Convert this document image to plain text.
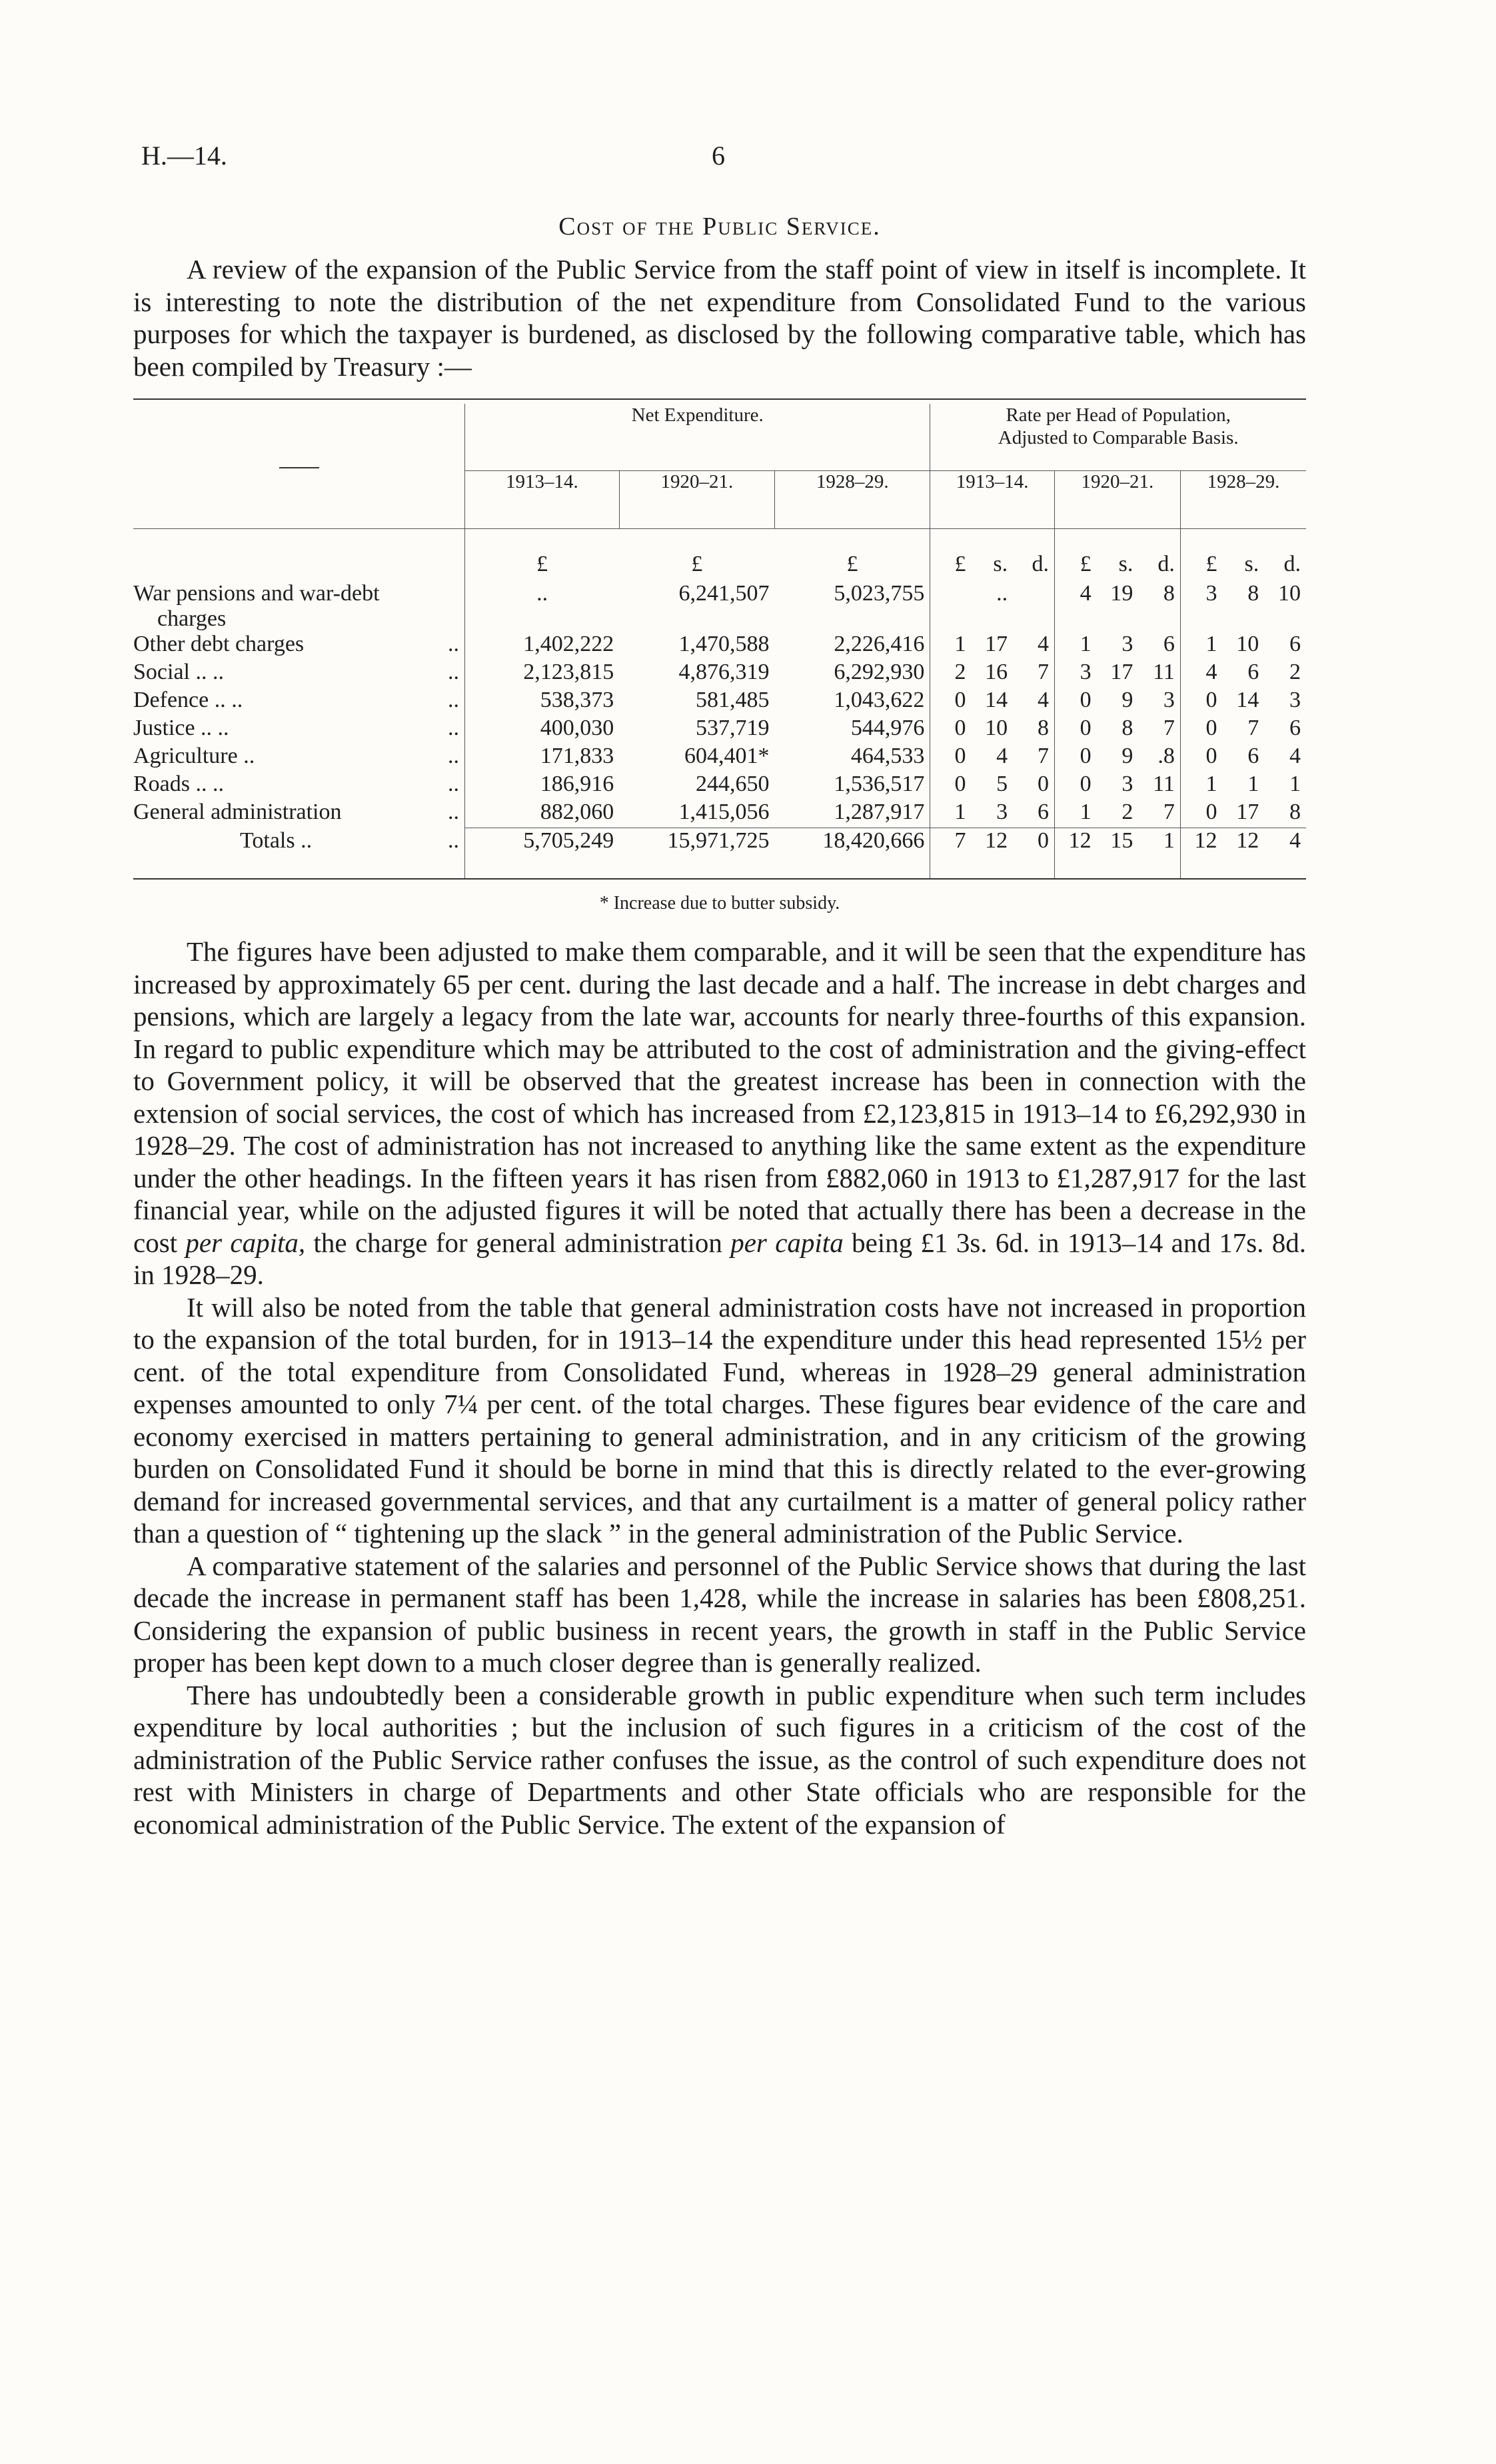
H.—14.	6
Cost of the Public Service.

A review of the expansion of the Public Service from the staff point of view in itself is incomplete. It is interesting to note the distribution of the net expenditure from Consolidated Fund to the various purposes for which the taxpayer is burdened, as disclosed by the following comparative table, which has been compiled by Treasury :—

		Net Expenditure.			Rate per Head of Population,
Adjusted to Comparable Basis.								
		1913–14.	1920–21.	1928–29.	1913–14.			1920–21.			1928–29.		

		£	£	£	£	s.	d.	£	s.	d.	£	s.	d.
War pensions and war-debt
charges		..	6,241,507	5,023,755		..		4	19	8	3	8	10
Other debt charges	..	1,402,222	1,470,588	2,226,416	1	17	4	1	3	6	1	10	6
Social .. ..	..	2,123,815	4,876,319	6,292,930	2	16	7	3	17	11	4	6	2
Defence .. ..	..	538,373	581,485	1,043,622	0	14	4	0	9	3	0	14	3
Justice .. ..	..	400,030	537,719	544,976	0	10	8	0	8	7	0	7	6
Agriculture ..	..	171,833	604,401*	464,533	0	4	7	0	9	.8	0	6	4
Roads .. ..	..	186,916	244,650	1,536,517	0	5	0	0	3	11	1	1	1
General administration	..	882,060	1,415,056	1,287,917	1	3	6	1	2	7	0	17	8
Totals ..	..	5,705,249	15,971,725	18,420,666	7	12	0	12	15	1	12	12	4

* Increase due to butter subsidy.

The figures have been adjusted to make them comparable, and it will be seen that the expenditure has increased by approximately 65 per cent. during the last decade and a half. The increase in debt charges and pensions, which are largely a legacy from the late war, accounts for nearly three-fourths of this expansion. In regard to public expenditure which may be attributed to the cost of administration and the giving-effect to Government policy, it will be observed that the greatest increase has been in connection with the extension of social services, the cost of which has increased from £2,123,815 in 1913–14 to £6,292,930 in 1928–29. The cost of administration has not increased to anything like the same extent as the expenditure under the other headings. In the fifteen years it has risen from £882,060 in 1913 to £1,287,917 for the last financial year, while on the adjusted figures it will be noted that actually there has been a decrease in the cost per capita, the charge for general administration per capita being £1 3s. 6d. in 1913–14 and 17s. 8d. in 1928–29.

It will also be noted from the table that general administration costs have not increased in proportion to the expansion of the total burden, for in 1913–14 the expenditure under this head represented 15½ per cent. of the total expenditure from Consolidated Fund, whereas in 1928–29 general administration expenses amounted to only 7¼ per cent. of the total charges. These figures bear evidence of the care and economy exercised in matters pertaining to general administration, and in any criticism of the growing burden on Consolidated Fund it should be borne in mind that this is directly related to the ever-growing demand for increased governmental services, and that any curtailment is a matter of general policy rather than a question of “ tightening up the slack ” in the general administration of the Public Service.

A comparative statement of the salaries and personnel of the Public Service shows that during the last decade the increase in permanent staff has been 1,428, while the increase in salaries has been £808,251. Considering the expansion of public business in recent years, the growth in staff in the Public Service proper has been kept down to a much closer degree than is generally realized.

There has undoubtedly been a considerable growth in public expenditure when such term includes expenditure by local authorities ; but the inclusion of such figures in a criticism of the cost of the administration of the Public Service rather confuses the issue, as the control of such expenditure does not rest with Ministers in charge of Departments and other State officials who are responsible for the economical administration of the Public Service. The extent of the expansion of
